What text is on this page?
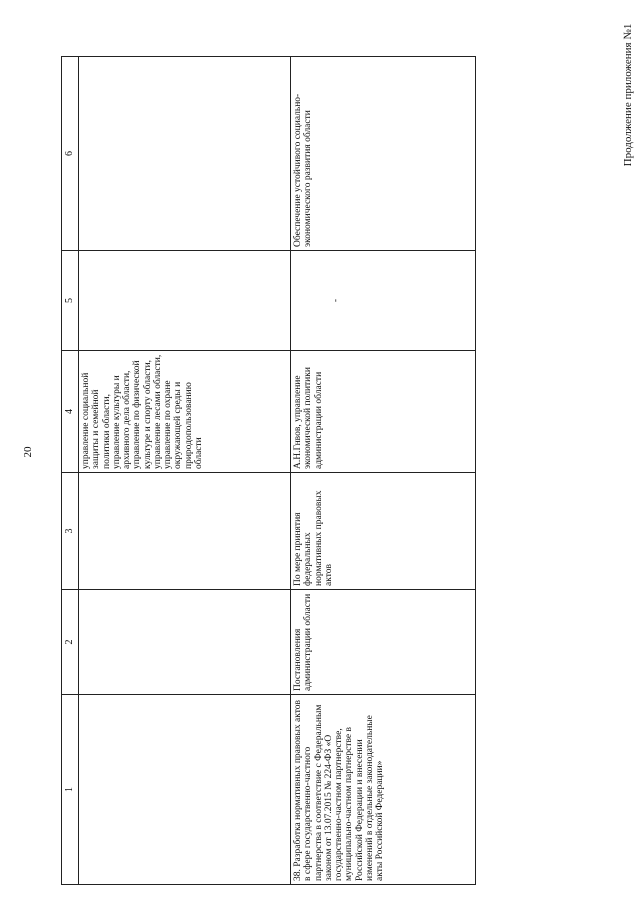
20
Продолжение приложения №1
1	2	3	4	5	6
			управление социальной защиты и семейной политики области, управление культуры и архивного дела области, управление по физической культуре и спорту области, управление лесами области, управление по охране окружающей среды и природопользованию области		
38. Разработка нормативных правовых актов в сфере государственно-частного партнерства в соответствие с Федеральным законом от 13.07.2015 № 224-ФЗ «О государственно-частном партнерстве, муниципально-частном партнерстве в Российской Федерации и внесении изменений в отдельные законодательные акты Российской Федерации»	Постановления администрации области	По мере принятия федеральных нормативных правовых актов	А.Н.Гнвов, управление экономической политики администрации области	-	Обеспечение устойчивого социально-экономического развития области
